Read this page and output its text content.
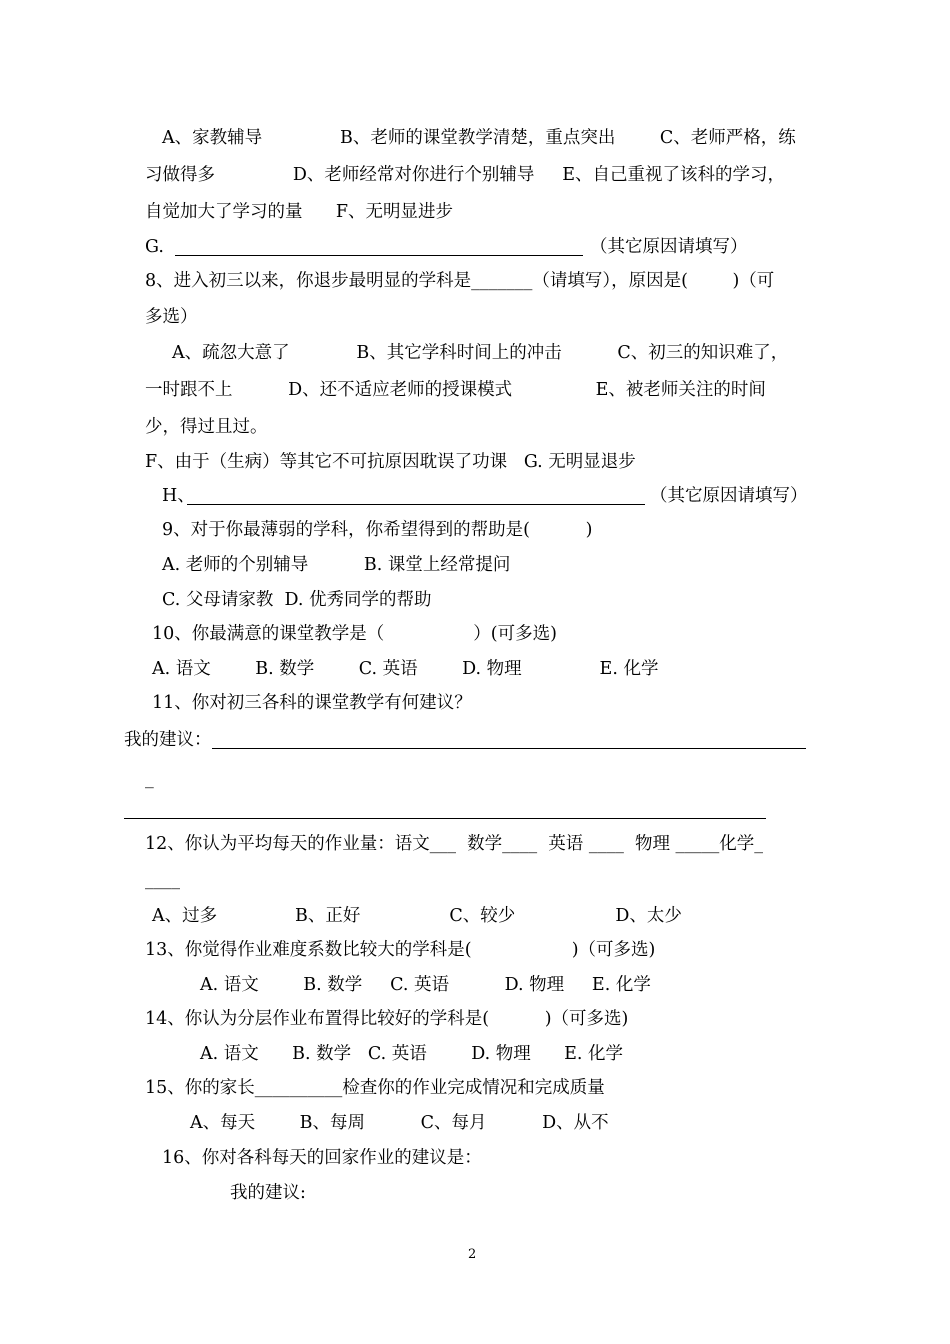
A、家教辅导              B、老师的课堂教学清楚，重点突出        C、老师严格，练
习做得多              D、老师经常对你进行个别辅导     E、自己重视了该科的学习，
自觉加大了学习的量      F、无明显进步
G.	（其它原因请填写）
8、进入初三以来，你退步最明显的学科是_______（请填写），原因是(        )（可
多选）
A、疏忽大意了            B、其它学科时间上的冲击          C、初三的知识难了，
一时跟不上          D、还不适应老师的授课模式               E、被老师关注的时间
少，得过且过。
F、由于（生病）等其它不可抗原因耽误了功课   G. 无明显退步
H、	（其它原因请填写）
9、对于你最薄弱的学科，你希望得到的帮助是(          )
A. 老师的个别辅导          B. 课堂上经常提问
C. 父母请家教  D. 优秀同学的帮助
10、你最满意的课堂教学是（                ）(可多选)
A. 语文        B. 数学        C. 英语        D. 物理              E. 化学
11、你对初三各科的课堂教学有何建议？
我的建议：
_
12、你认为平均每天的作业量：语文___  数学____  英语 ____  物理 _____化学_
____
A、过多              B、正好                C、较少                  D、太少
13、你觉得作业难度系数比较大的学科是(                  )（可多选)
A. 语文        B. 数学     C. 英语          D. 物理     E. 化学
14、你认为分层作业布置得比较好的学科是(          )（可多选)
A. 语文      B. 数学   C. 英语        D. 物理      E. 化学
15、你的家长__________检查你的作业完成情况和完成质量
A、每天        B、每周          C、每月          D、从不
16、你对各科每天的回家作业的建议是：
我的建议:
2
